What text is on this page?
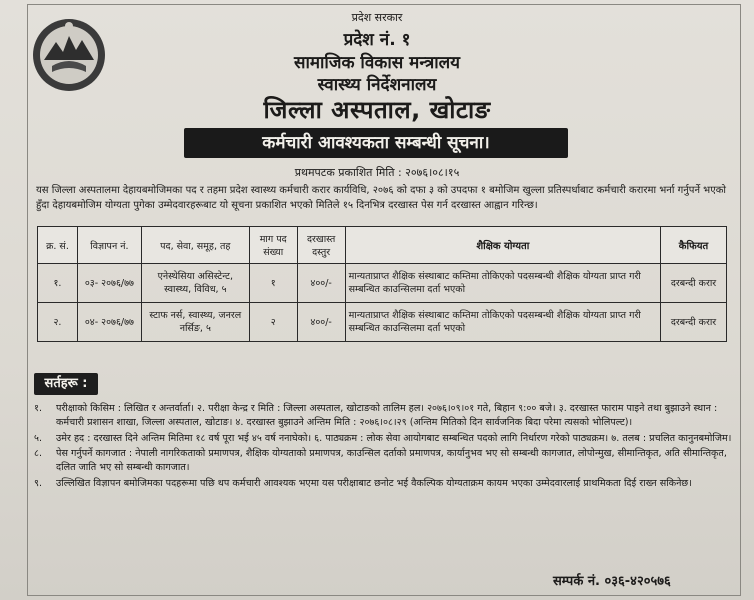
प्रदेश सरकार
प्रदेश नं. १
सामाजिक विकास मन्त्रालय
स्वास्थ्य निर्देशनालय
जिल्ला अस्पताल, खोटाङ
कर्मचारी आवश्यकता सम्बन्धी सूचना।
प्रथमपटक प्रकाशित मिति : २०७६।०८।१५
यस जिल्ला अस्पतालमा देहायबमोजिमका पद र तहमा प्रदेश स्वास्थ्य कर्मचारी करार कार्यविधि, २०७६ को दफा ३ को उपदफा १ बमोजिम खुल्ला प्रतिस्पर्धाबाट कर्मचारी करारमा भर्ना गर्नुपर्ने भएको हुँदा देहायबमोजिम योग्यता पुगेका उम्मेदवारहरूबाट यो सूचना प्रकाशित भएको मितिले १५ दिनभित्र दरखास्त पेस गर्न दरखास्त आह्वान गरिन्छ।
क्र. सं.	विज्ञापन नं.	पद, सेवा, समूह, तह	माग पद संख्या	दरखास्त दस्तुर	शैक्षिक योग्यता	कैफियत
१.	०३- २०७६/७७	एनेस्थेसिया असिस्टेन्ट, स्वास्थ्य, विविध, ५	१	४००/-	मान्यताप्राप्त शैक्षिक संस्थाबाट कम्तिमा तोकिएको पदसम्बन्धी शैक्षिक योग्यता प्राप्त गरी सम्बन्धित काउन्सिलमा दर्ता भएको	दरबन्दी करार
२.	०४- २०७६/७७	स्टाफ नर्स, स्वास्थ्य, जनरल नर्सिङ, ५	२	४००/-	मान्यताप्राप्त शैक्षिक संस्थाबाट कम्तिमा तोकिएको पदसम्बन्धी शैक्षिक योग्यता प्राप्त गरी सम्बन्धित काउन्सिलमा दर्ता भएको	दरबन्दी करार
सर्तहरू :
१. परीक्षाको किसिम : लिखित र अन्तर्वार्ता। २. परीक्षा केन्द्र र मिति : जिल्ला अस्पताल, खोटाङको तालिम हल। २०७६।०९।०१ गते, बिहान ९:०० बजे। ३. दरखास्त फाराम पाइने तथा बुझाउने स्थान : कर्मचारी प्रशासन शाखा, जिल्ला अस्पताल, खोटाङ। ४. दरखास्त बुझाउने अन्तिम मिति : २०७६।०८।२९ (अन्तिम मितिको दिन सार्वजनिक बिदा परेमा त्यसको भोलिपल्ट)।
५. उमेर हद : दरखास्त दिने अन्तिम मितिमा १८ वर्ष पूरा भई ४५ वर्ष ननाघेको। ६. पाठ्यक्रम : लोक सेवा आयोगबाट सम्बन्धित पदको लागि निर्धारण गरेको पाठ्यक्रम। ७. तलब : प्रचलित कानुनबमोजिम।
८. पेस गर्नुपर्ने कागजात : नेपाली नागरिकताको प्रमाणपत्र, शैक्षिक योग्यताको प्रमाणपत्र, काउन्सिल दर्ताको प्रमाणपत्र, कार्यानुभव भए सो सम्बन्धी कागजात, लोपोन्मुख, सीमान्तिकृत, अति सीमान्तिकृत, दलित जाति भए सो सम्बन्धी कागजात।
९. उल्लिखित विज्ञापन बमोजिमका पदहरूमा पछि थप कर्मचारी आवश्यक भएमा यस परीक्षाबाट छनोट भई वैकल्पिक योग्यताक्रम कायम भएका उम्मेदवारलाई प्राथमिकता दिई राख्न सकिनेछ।
सम्पर्क नं. ०३६-४२०५७६
